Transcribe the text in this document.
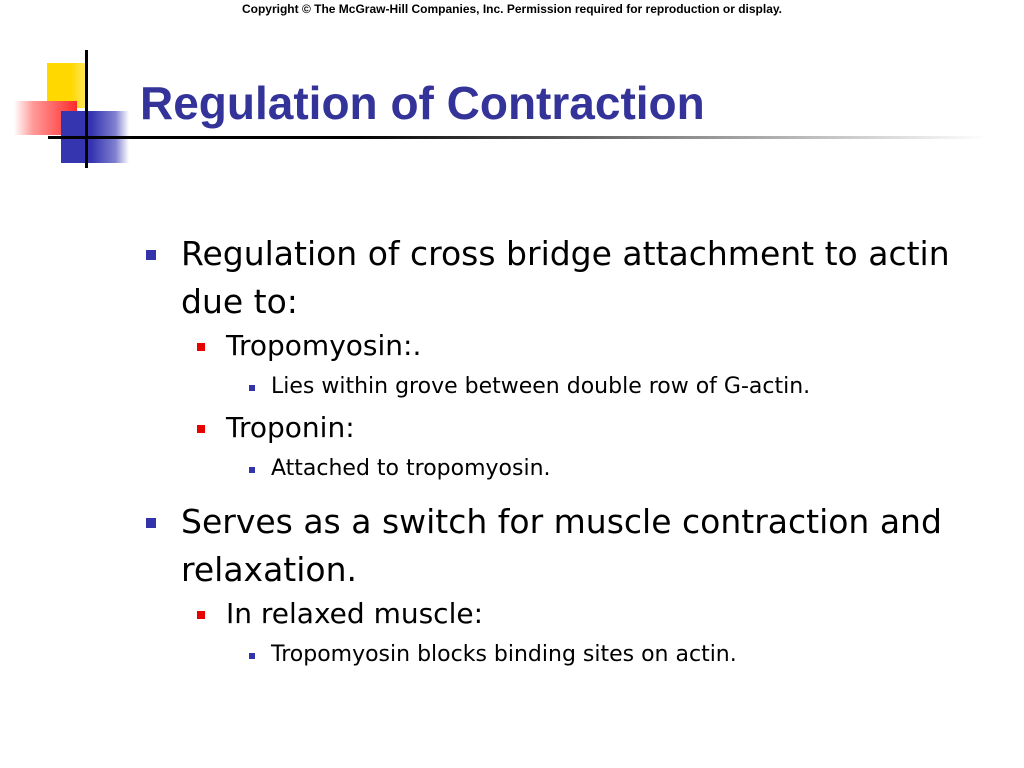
Copyright © The McGraw-Hill Companies, Inc. Permission required for reproduction or display.
Regulation of Contraction
Regulation of cross bridge attachment to actin due to:
Tropomyosin:.
Lies within grove between double row of G-actin.
Troponin:
Attached to tropomyosin.
Serves as a switch for muscle contraction and relaxation.
In relaxed muscle:
Tropomyosin blocks binding sites on actin.
